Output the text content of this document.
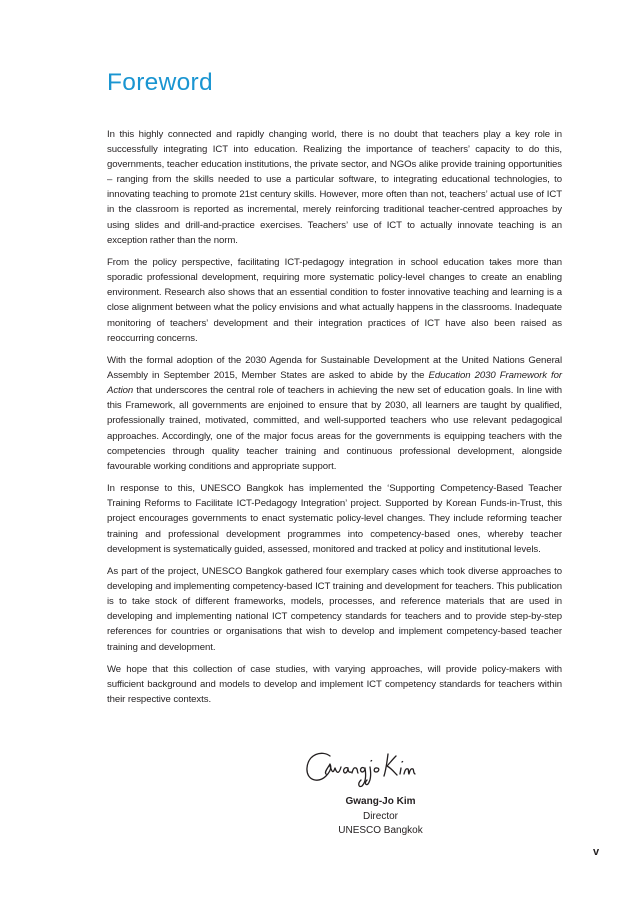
Foreword

In this highly connected and rapidly changing world, there is no doubt that teachers play a key role in successfully integrating ICT into education. Realizing the importance of teachers’ capacity to do this, governments, teacher education institutions, the private sector, and NGOs alike provide training opportunities – ranging from the skills needed to use a particular software, to integrating educational technologies, to innovating teaching to promote 21st century skills. However, more often than not, teachers’ actual use of ICT in the classroom is reported as incremental, merely reinforcing traditional teacher-centred approaches by using slides and drill-and-practice exercises. Teachers’ use of ICT to actually innovate teaching is an exception rather than the norm.

From the policy perspective, facilitating ICT-pedagogy integration in school education takes more than sporadic professional development, requiring more systematic policy-level changes to create an enabling environment. Research also shows that an essential condition to foster innovative teaching and learning is a close alignment between what the policy envisions and what actually happens in the classrooms. Inadequate monitoring of teachers’ development and their integration practices of ICT have also been raised as reoccurring concerns.

With the formal adoption of the 2030 Agenda for Sustainable Development at the United Nations General Assembly in September 2015, Member States are asked to abide by the Education 2030 Framework for Action that underscores the central role of teachers in achieving the new set of education goals. In line with this Framework, all governments are enjoined to ensure that by 2030, all learners are taught by qualified, professionally trained, motivated, committed, and well-supported teachers who use relevant pedagogical approaches. Accordingly, one of the major focus areas for the governments is equipping teachers with the competencies through quality teacher training and continuous professional development, alongside favourable working conditions and appropriate support.

In response to this, UNESCO Bangkok has implemented the ‘Supporting Competency-Based Teacher Training Reforms to Facilitate ICT-Pedagogy Integration’ project. Supported by Korean Funds-in-Trust, this project encourages governments to enact systematic policy-level changes. They include reforming teacher training and professional development programmes into competency-based ones, whereby teacher development is systematically guided, assessed, monitored and tracked at policy and institutional levels.

As part of the project, UNESCO Bangkok gathered four exemplary cases which took diverse approaches to developing and implementing competency-based ICT training and development for teachers. This publication is to take stock of different frameworks, models, processes, and reference materials that are used in developing and implementing national ICT competency standards for teachers and to provide step-by-step references for countries or organisations that wish to develop and implement competency-based teacher training and development.

We hope that this collection of case studies, with varying approaches, will provide policy-makers with sufficient background and models to develop and implement ICT competency standards for teachers within their respective contexts.

Gwang-Jo Kim
Director
UNESCO Bangkok
v
